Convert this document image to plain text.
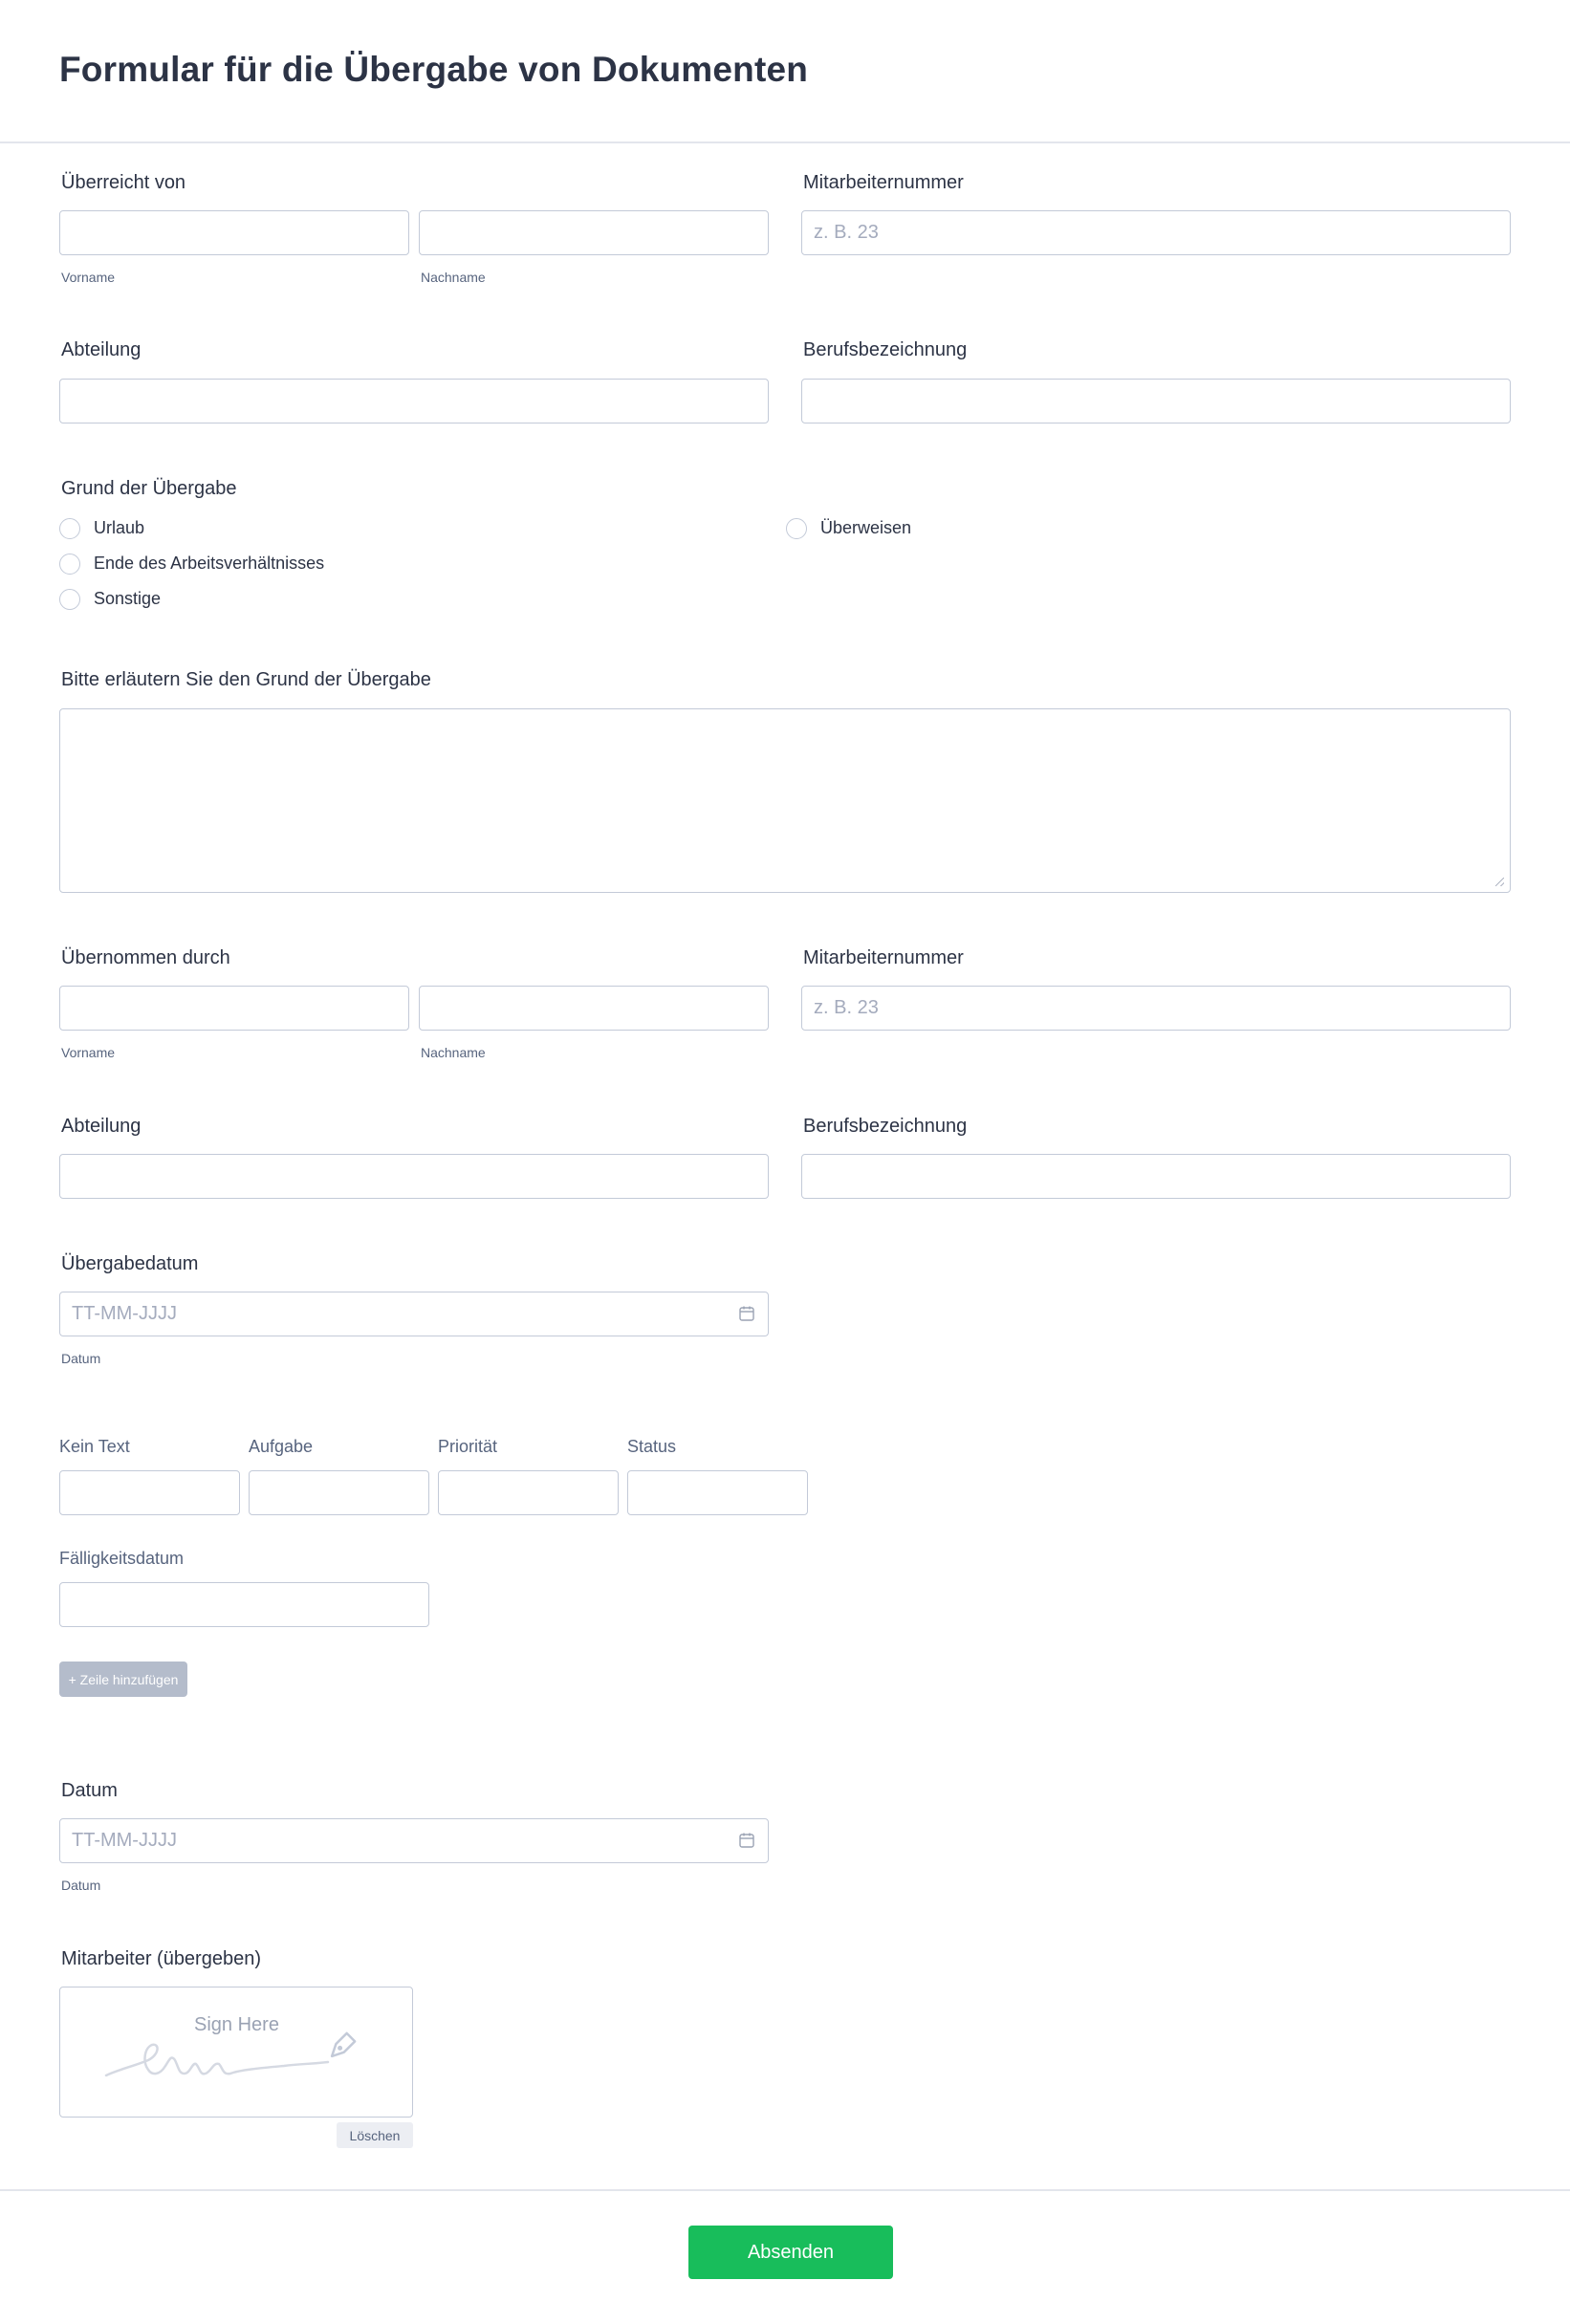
Formular für die Übergabe von Dokumenten
Überreicht von
Vorname	Nachname
Mitarbeiternummer
z. B. 23
Abteilung	Berufsbezeichnung
Grund der Übergabe
Urlaub
Ende des Arbeitsverhältnisses
Sonstige
Überweisen
Bitte erläutern Sie den Grund der Übergabe
Übernommen durch
Vorname	Nachname
Mitarbeiternummer
z. B. 23
Abteilung	Berufsbezeichnung
Übergabedatum
TT-MM-JJJJ
Datum
Kein Text	Aufgabe	Priorität	Status
Fälligkeitsdatum
+ Zeile hinzufügen
Datum
TT-MM-JJJJ
Datum
Mitarbeiter (übergeben)
Sign Here
Löschen
Absenden
